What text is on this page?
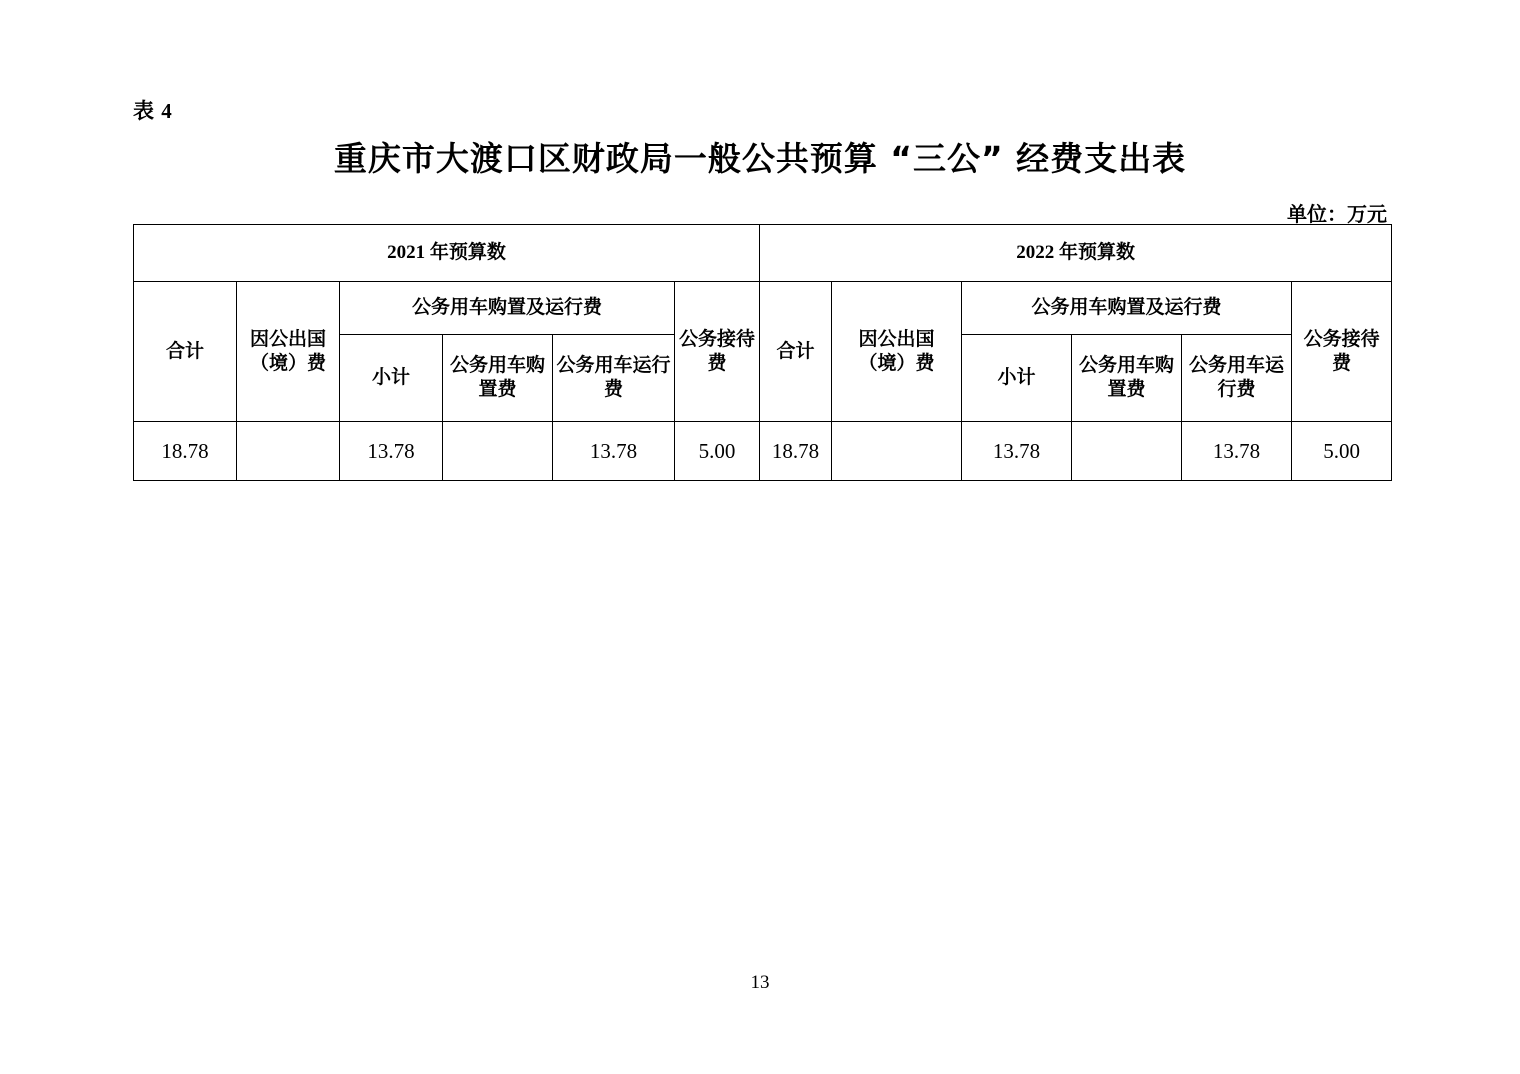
表 4
重庆市大渡口区财政局一般公共预算 “三公” 经费支出表
单位：万元
2021 年预算数						2022 年预算数					
合计	因公出国（境）费	公务用车购置及运行费			公务接待费	合计	因公出国（境）费	公务用车购置及运行费			公务接待费
		小计	公务用车购置费	公务用车运行费				小计	公务用车购置费	公务用车运行费	
18.78		13.78		13.78	5.00	18.78		13.78		13.78	5.00
13
